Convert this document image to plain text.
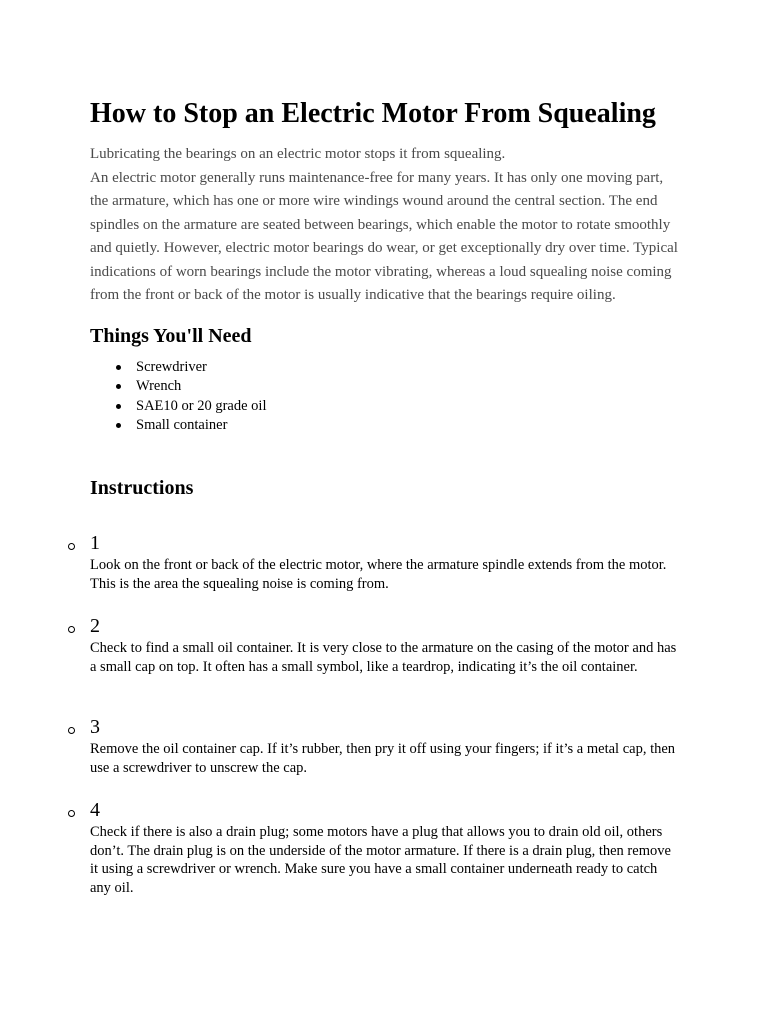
How to Stop an Electric Motor From Squealing

Lubricating the bearings on an electric motor stops it from squealing.

An electric motor generally runs maintenance-free for many years. It has only one moving part, the armature, which has one or more wire windings wound around the central section. The end spindles on the armature are seated between bearings, which enable the motor to rotate smoothly and quietly. However, electric motor bearings do wear, or get exceptionally dry over time. Typical indications of worn bearings include the motor vibrating, whereas a loud squealing noise coming from the front or back of the motor is usually indicative that the bearings require oiling.

Things You'll Need
Screwdriver
Wrench
SAE10 or 20 grade oil
Small container
Instructions

1

Look on the front or back of the electric motor, where the armature spindle extends from the motor. This is the area the squealing noise is coming from.

2

Check to find a small oil container. It is very close to the armature on the casing of the motor and has a small cap on top. It often has a small symbol, like a teardrop, indicating it’s the oil container.

3

Remove the oil container cap. If it’s rubber, then pry it off using your fingers; if it’s a metal cap, then use a screwdriver to unscrew the cap.

4

Check if there is also a drain plug; some motors have a plug that allows you to drain old oil, others don’t. The drain plug is on the underside of the motor armature. If there is a drain plug, then remove it using a screwdriver or wrench. Make sure you have a small container underneath ready to catch any oil.
